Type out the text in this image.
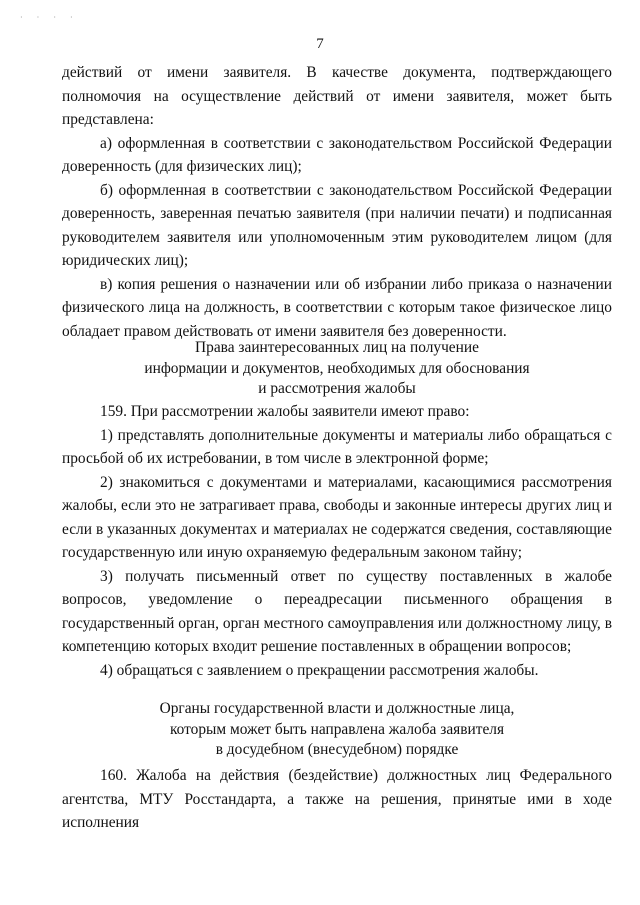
· · · ·
7

действий от имени заявителя. В качестве документа, подтверждающего полномочия на осуществление действий от имени заявителя, может быть представлена:

а) оформленная в соответствии с законодательством Российской Федерации доверенность (для физических лиц);

б) оформленная в соответствии с законодательством Российской Федерации доверенность, заверенная печатью заявителя (при наличии печати) и подписанная руководителем заявителя или уполномоченным этим руководителем лицом (для юридических лиц);

в) копия решения о назначении или об избрании либо приказа о назначении физического лица на должность, в соответствии с которым такое физическое лицо обладает правом действовать от имени заявителя без доверенности.

Права заинтересованных лиц на получение
информации и документов, необходимых для обоснования
и рассмотрения жалобы

159. При рассмотрении жалобы заявители имеют право:

1) представлять дополнительные документы и материалы либо обращаться с просьбой об их истребовании, в том числе в электронной форме;

2) знакомиться с документами и материалами, касающимися рассмотрения жалобы, если это не затрагивает права, свободы и законные интересы других лиц и если в указанных документах и материалах не содержатся сведения, составляющие государственную или иную охраняемую федеральным законом тайну;

3) получать письменный ответ по существу поставленных в жалобе вопросов, уведомление о переадресации письменного обращения в государственный орган, орган местного самоуправления или должностному лицу, в компетенцию которых входит решение поставленных в обращении вопросов;

4) обращаться с заявлением о прекращении рассмотрения жалобы.

Органы государственной власти и должностные лица,
которым может быть направлена жалоба заявителя
в досудебном (внесудебном) порядке

160. Жалоба на действия (бездействие) должностных лиц Федерального агентства, МТУ Росстандарта, а также на решения, принятые ими в ходе исполнения
